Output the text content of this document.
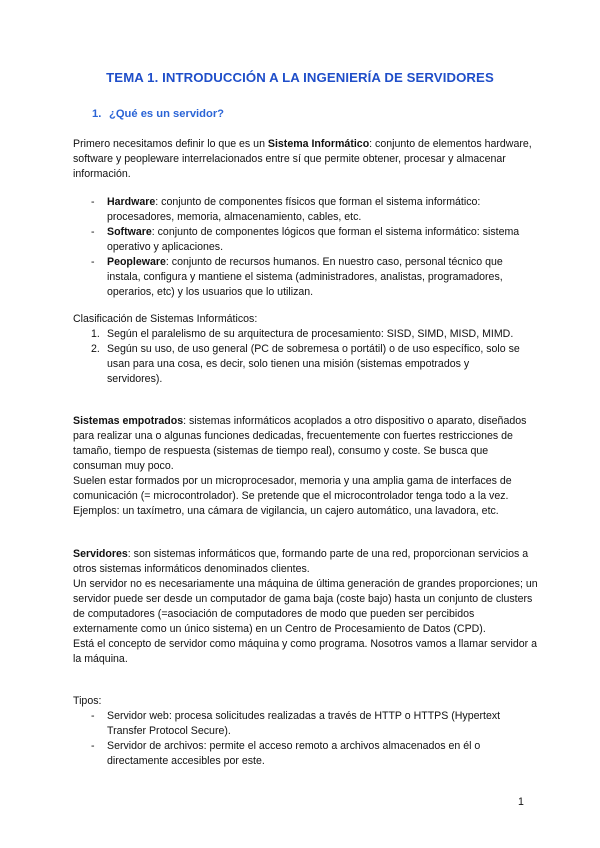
TEMA 1. INTRODUCCIÓN A LA INGENIERÍA DE SERVIDORES
1. ¿Qué es un servidor?
Primero necesitamos definir lo que es un Sistema Informático: conjunto de elementos hardware, software y peopleware interrelacionados entre sí que permite obtener, procesar y almacenar información.
- Hardware: conjunto de componentes físicos que forman el sistema informático: procesadores, memoria, almacenamiento, cables, etc.
- Software: conjunto de componentes lógicos que forman el sistema informático: sistema operativo y aplicaciones.
- Peopleware: conjunto de recursos humanos. En nuestro caso, personal técnico que instala, configura y mantiene el sistema (administradores, analistas, programadores, operarios, etc) y los usuarios que lo utilizan.
Clasificación de Sistemas Informáticos:
1. Según el paralelismo de su arquitectura de procesamiento: SISD, SIMD, MISD, MIMD.
2. Según su uso, de uso general (PC de sobremesa o portátil) o de uso específico, solo se usan para una cosa, es decir, solo tienen una misión (sistemas empotrados y servidores).
Sistemas empotrados: sistemas informáticos acoplados a otro dispositivo o aparato, diseñados para realizar una o algunas funciones dedicadas, frecuentemente con fuertes restricciones de tamaño, tiempo de respuesta (sistemas de tiempo real), consumo y coste. Se busca que consuman muy poco.
Suelen estar formados por un microprocesador, memoria y una amplia gama de interfaces de comunicación (= microcontrolador). Se pretende que el microcontrolador tenga todo a la vez.
Ejemplos: un taxímetro, una cámara de vigilancia, un cajero automático, una lavadora, etc.
Servidores: son sistemas informáticos que, formando parte de una red, proporcionan servicios a otros sistemas informáticos denominados clientes.
Un servidor no es necesariamente una máquina de última generación de grandes proporciones; un servidor puede ser desde un computador de gama baja (coste bajo) hasta un conjunto de clusters de computadores (=asociación de computadores de modo que pueden ser percibidos externamente como un único sistema) en un Centro de Procesamiento de Datos (CPD).
Está el concepto de servidor como máquina y como programa. Nosotros vamos a llamar servidor a la máquina.
Tipos:
- Servidor web: procesa solicitudes realizadas a través de HTTP o HTTPS (Hypertext Transfer Protocol Secure).
- Servidor de archivos: permite el acceso remoto a archivos almacenados en él o directamente accesibles por este.
1
